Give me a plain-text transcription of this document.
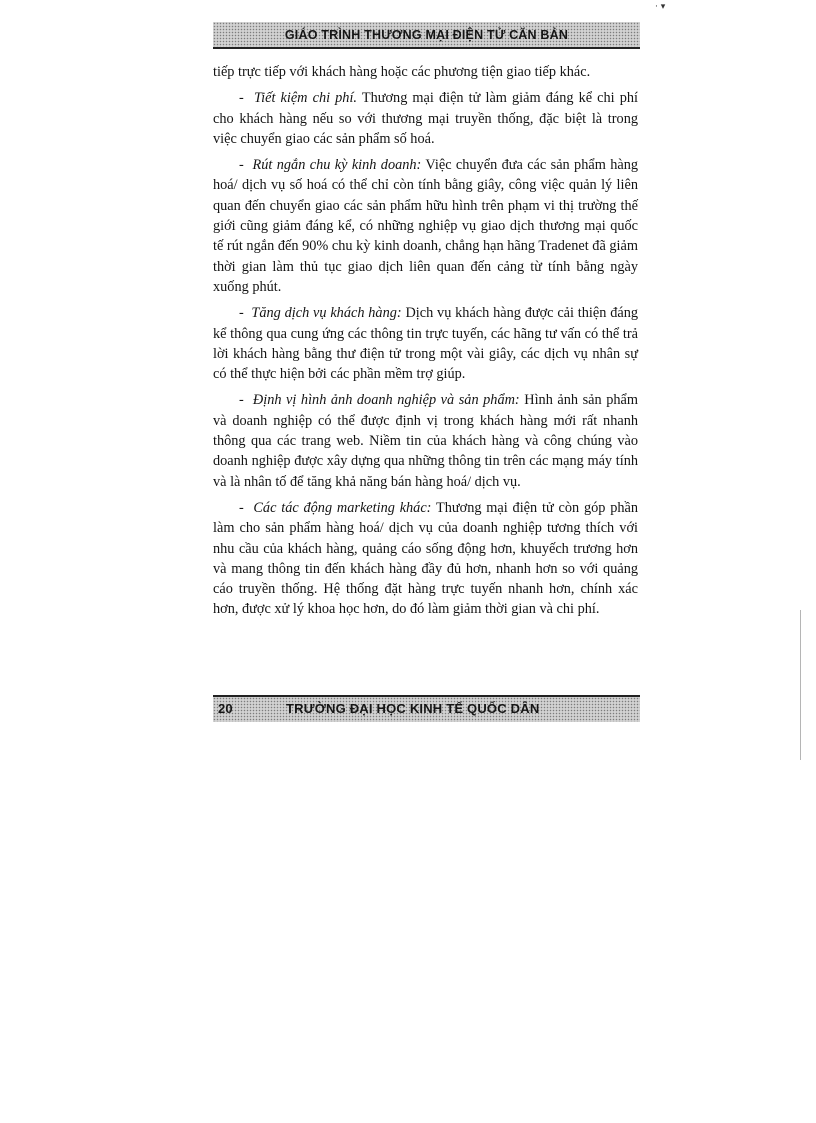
· ▾
GIÁO TRÌNH THƯƠNG MẠI ĐIỆN TỬ CĂN BẢN

tiếp trực tiếp với khách hàng hoặc các phương tiện giao tiếp khác.

- Tiết kiệm chi phí. Thương mại điện tử làm giảm đáng kể chi phí cho khách hàng nếu so với thương mại truyền thống, đặc biệt là trong việc chuyển giao các sản phẩm số hoá.

- Rút ngắn chu kỳ kinh doanh: Việc chuyển đưa các sản phẩm hàng hoá/ dịch vụ số hoá có thể chỉ còn tính bằng giây, công việc quản lý liên quan đến chuyển giao các sản phẩm hữu hình trên phạm vi thị trường thế giới cũng giảm đáng kể, có những nghiệp vụ giao dịch thương mại quốc tế rút ngắn đến 90% chu kỳ kinh doanh, chẳng hạn hãng Tradenet đã giảm thời gian làm thủ tục giao dịch liên quan đến cảng từ tính bằng ngày xuống phút.

- Tăng dịch vụ khách hàng: Dịch vụ khách hàng được cải thiện đáng kể thông qua cung ứng các thông tin trực tuyến, các hãng tư vấn có thể trả lời khách hàng bằng thư điện tử trong một vài giây, các dịch vụ nhân sự có thể thực hiện bởi các phần mềm trợ giúp.

- Định vị hình ảnh doanh nghiệp và sản phẩm: Hình ảnh sản phẩm và doanh nghiệp có thể được định vị trong khách hàng mới rất nhanh thông qua các trang web. Niềm tin của khách hàng và công chúng vào doanh nghiệp được xây dựng qua những thông tin trên các mạng máy tính và là nhân tố để tăng khả năng bán hàng hoá/ dịch vụ.

- Các tác động marketing khác: Thương mại điện tử còn góp phần làm cho sản phẩm hàng hoá/ dịch vụ của doanh nghiệp tương thích với nhu cầu của khách hàng, quảng cáo sống động hơn, khuyếch trương hơn và mang thông tin đến khách hàng đầy đủ hơn, nhanh hơn so với quảng cáo truyền thống. Hệ thống đặt hàng trực tuyến nhanh hơn, chính xác hơn, được xử lý khoa học hơn, do đó làm giảm thời gian và chi phí.

20	TRƯỜNG ĐẠI HỌC KINH TẾ QUỐC DÂN
